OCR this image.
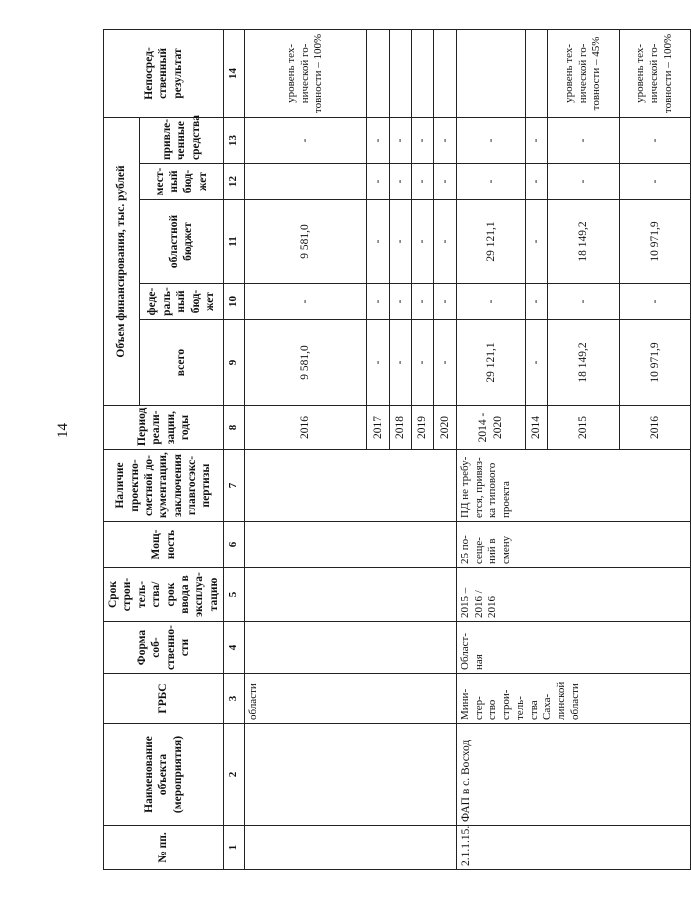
14
№ пп.	Наименование объекта (мероприятия)	ГРБС	Форма соб-ственно-сти	Срок строи-тель-ства/срок ввода в эксплуа-тацию	Мощ-ность	Наличие проектно-сметной до-кументации, заключения главгосэкс-пертизы	Период реали-зации, годы	Объем финансирования, тыс. рублей					Непосред-ственный результат
								всего	феде-раль-ный бюд-жет	областной бюджет	мест-ный бюд-жет	привле-ченные средства	
1	2	3	4	5	6	7	8	9	10	11	12	13	14
		области					2016	9 581,0	-	9 581,0		-	уровень тех-нической го-товности – 100%
							2017	-	-	-	-	-	
							2018	-	-	-	-	-	
							2019	-	-	-	-	-	
							2020	-	-	-	-	-	
2.1.1.15.	ФАП в с. Восход	Мини-стер-ство строи-тель-ства Саха-линской области	Област-ная	2015 – 2016 / 2016	25 по-сеще-ний в смену	ПД не требу-ется, привяз-ка типового проекта	2014 - 2020	29 121,1	-	29 121,1	-	-	
							2014	-	-	-	-	-	
							2015	18 149,2	-	18 149,2	-	-	уровень тех-нической го-товности – 45%
							2016	10 971,9	-	10 971,9	-	-	уровень тех-нической го-товности – 100%
